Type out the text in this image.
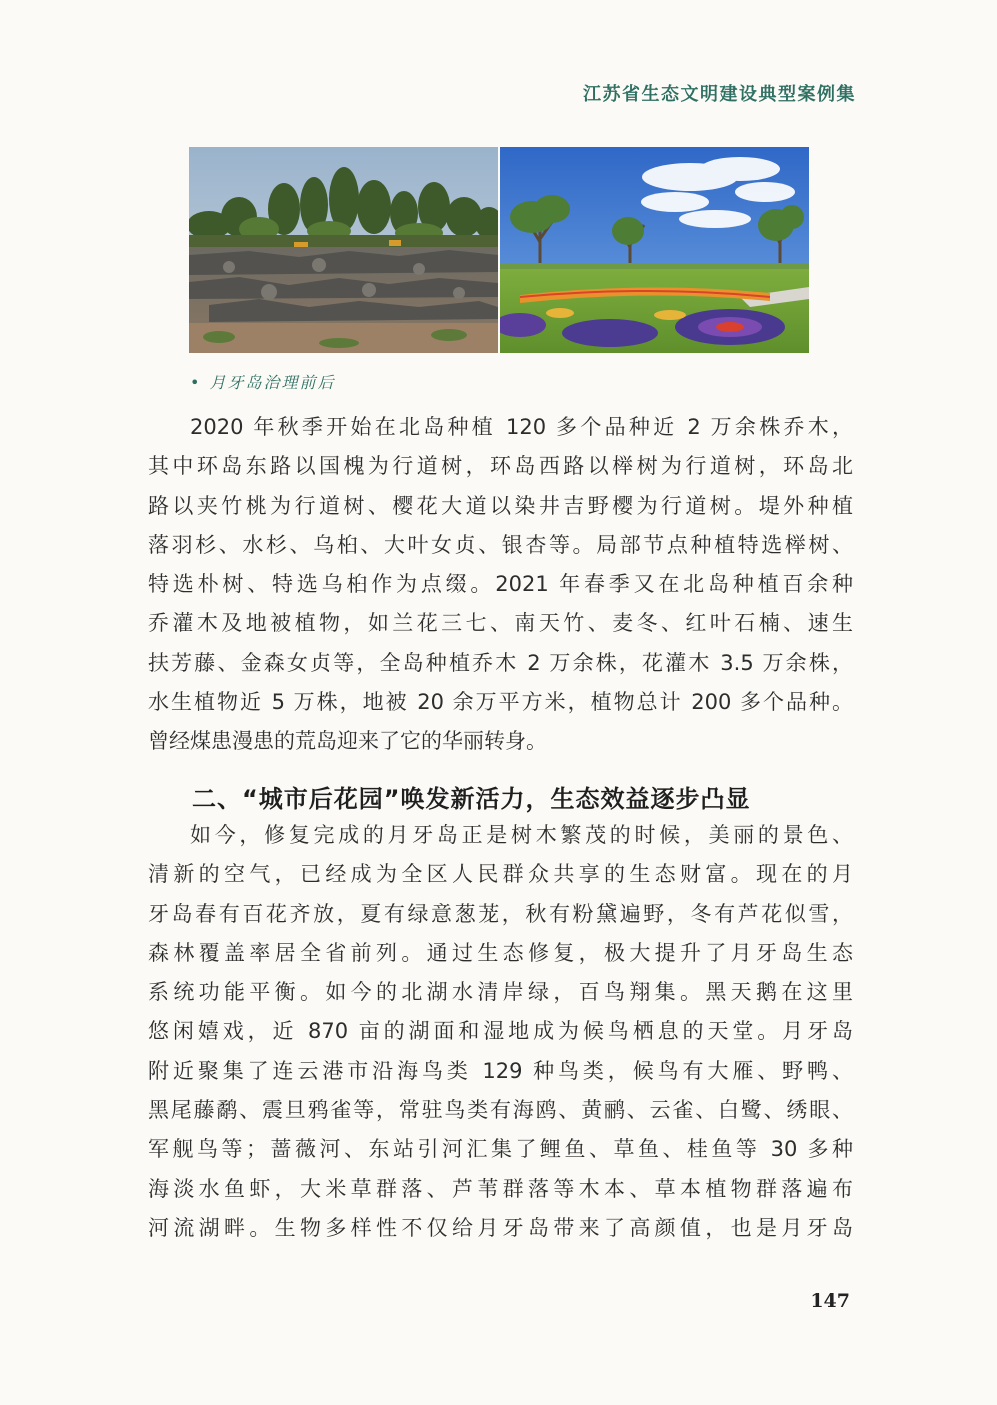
江苏省生态文明建设典型案例集
• 月牙岛治理前后
2020 年秋季开始在北岛种植 120 多个品种近 2 万余株乔木，
其中环岛东路以国槐为行道树，环岛西路以榉树为行道树，环岛北
路以夹竹桃为行道树、樱花大道以染井吉野樱为行道树。堤外种植
落羽杉、水杉、乌桕、大叶女贞、银杏等。局部节点种植特选榉树、
特选朴树、特选乌桕作为点缀。2021 年春季又在北岛种植百余种
乔灌木及地被植物，如兰花三七、南天竹、麦冬、红叶石楠、速生
扶芳藤、金森女贞等，全岛种植乔木 2 万余株，花灌木 3.5 万余株，
水生植物近 5 万株，地被 20 余万平方米，植物总计 200 多个品种。
曾经煤患漫患的荒岛迎来了它的华丽转身。
二、“城市后花园”唤发新活力，生态效益逐步凸显
如今，修复完成的月牙岛正是树木繁茂的时候，美丽的景色、
清新的空气，已经成为全区人民群众共享的生态财富。现在的月
牙岛春有百花齐放，夏有绿意葱茏，秋有粉黛遍野，冬有芦花似雪，
森林覆盖率居全省前列。通过生态修复，极大提升了月牙岛生态
系统功能平衡。如今的北湖水清岸绿，百鸟翔集。黑天鹅在这里
悠闲嬉戏，近 870 亩的湖面和湿地成为候鸟栖息的天堂。月牙岛
附近聚集了连云港市沿海鸟类 129 种鸟类，候鸟有大雁、野鸭、
黑尾藤鹬、震旦鸦雀等，常驻鸟类有海鸥、黄鹂、云雀、白鹭、绣眼、
军舰鸟等；蔷薇河、东站引河汇集了鲤鱼、草鱼、桂鱼等 30 多种
海淡水鱼虾，大米草群落、芦苇群落等木本、草本植物群落遍布
河流湖畔。生物多样性不仅给月牙岛带来了高颜值，也是月牙岛
147
